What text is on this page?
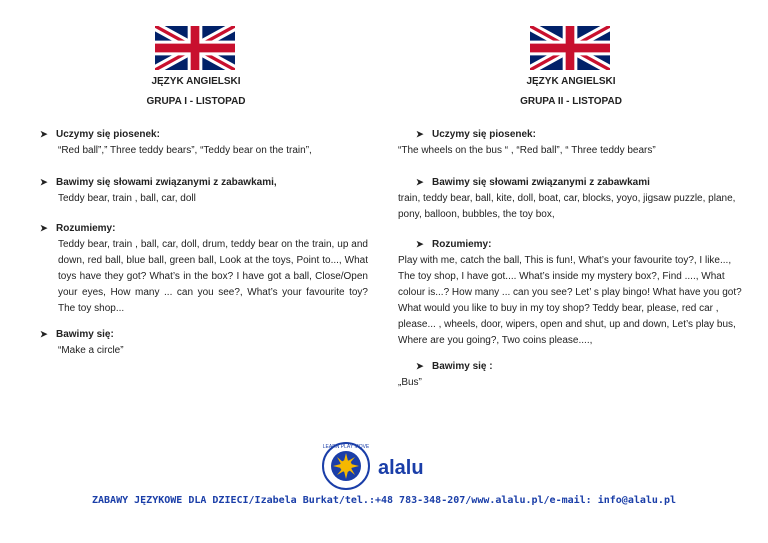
JĘZYK ANGIELSKI
GRUPA I - LISTOPAD
JĘZYK ANGIELSKI
GRUPA II - LISTOPAD
➤ Uczymy się piosenek:
“Red ball”,” Three teddy bears”, “Teddy bear on the train”,
➤ Bawimy się słowami związanymi z zabawkami,
Teddy bear, train , ball, car, doll
➤ Rozumiemy:
Teddy bear, train , ball, car, doll, drum, teddy bear on the train, up and down, red ball, blue ball, green ball, Look at the toys, Point to..., What toys have they got? What’s in the box? I have got a ball, Close/Open your eyes, How many ... can you see?, What’s your favourite toy? The toy shop...
➤ Bawimy się:
“Make a circle”
➤ Uczymy się piosenek:
“The wheels on the bus “ , “Red ball”, “ Three teddy bears”
➤ Bawimy się słowami związanymi z zabawkami
train, teddy bear, ball, kite, doll, boat, car, blocks, yoyo, jigsaw puzzle, plane, pony, balloon, bubbles, the toy box,
➤ Rozumiemy:
Play with me, catch the ball, This is fun!, What’s your favourite toy?, I like..., The toy shop, I have got.... What’s inside my mystery box?, Find ...., What colour is...? How many ... can you see? Let’ s play bingo! What have you got? What would you like to buy in my toy shop? Teddy bear, please, red car , please... , wheels, door, wipers, open and shut, up and down, Let’s play bus, Where are you going?, Two coins please....,
➤ Bawimy się :
„Bus”
LEARN PLAY MOVE
alalu
ZABAWY JĘZYKOWE DLA DZIECI/Izabela Burkat/tel.:+48 783-348-207/www.alalu.pl/e-mail: info@alalu.pl
